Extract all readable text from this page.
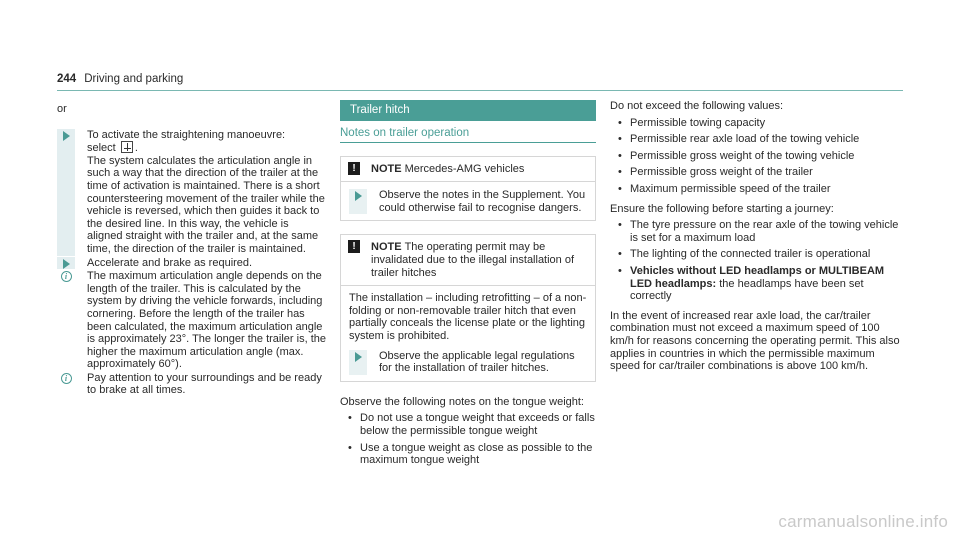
244 Driving and parking
or
To activate the straightening manoeuvre:
select .
The system calculates the articulation angle in such a way that the direction of the trailer at the time of activation is maintained. There is a short countersteering movement of the trailer while the vehicle is reversed, which then guides it back to the desired line. In this way, the vehicle is aligned straight with the trailer and, at the same time, the direction of the trailer is maintained.
Accelerate and brake as required.
i	The maximum articulation angle depends on the length of the trailer. This is calculated by the system by driving the vehicle forwards, including cornering. Before the length of the trailer has been calculated, the maximum articulation angle is approximately 23°. The longer the trailer is, the higher the maximum articulation angle (max. approximately 60°).
i	Pay attention to your surroundings and be ready to brake at all times.
Trailer hitch
Notes on trailer operation
!	NOTE Mercedes-AMG vehicles
Observe the notes in the Supplement. You could otherwise fail to recognise dangers.
!	NOTE The operating permit may be invalidated due to the illegal installation of trailer hitches
The installation – including retrofitting – of a non-folding or non-removable trailer hitch that even partially conceals the license plate or the lighting system is prohibited.
Observe the applicable legal regulations for the installation of trailer hitches.
Observe the following notes on the tongue weight:
• Do not use a tongue weight that exceeds or falls below the permissible tongue weight
• Use a tongue weight as close as possible to the maximum tongue weight
Do not exceed the following values:
• Permissible towing capacity
• Permissible rear axle load of the towing vehicle
• Permissible gross weight of the towing vehicle
• Permissible gross weight of the trailer
• Maximum permissible speed of the trailer
Ensure the following before starting a journey:
• The tyre pressure on the rear axle of the towing vehicle is set for a maximum load
• The lighting of the connected trailer is operational
• Vehicles without LED headlamps or MULTIBEAM LED headlamps: the headlamps have been set correctly
In the event of increased rear axle load, the car/trailer combination must not exceed a maximum speed of 100 km/h for reasons concerning the operating permit. This also applies in countries in which the permissible maximum speed for car/trailer combinations is above 100 km/h.
carmanualsonline.info
